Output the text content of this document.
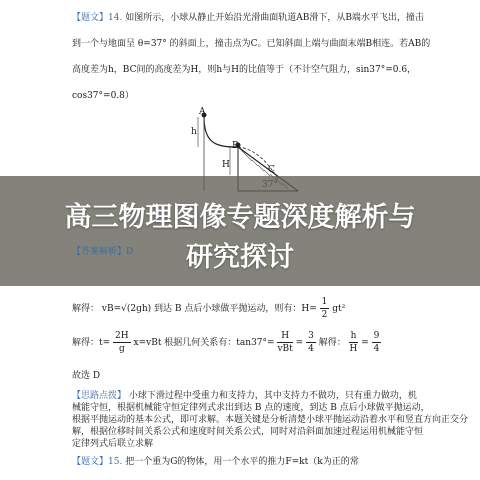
【题文】14. 如图所示，小球从静止开始沿光滑曲面轨道AB滑下，从B端水平飞出，撞击
到一个与地面呈 θ=37° 的斜面上，撞击点为C。已知斜面上端与曲面末端B相连。若AB的
高度差为h，BC间的高度差为H，则h与H的比值等于（不计空气阻力，sin37°=0.6，
cos37°=0.8）
A
h
B
H	C
高三物理图像专题深度解析与
研究探讨
【答案解析】D
解得： vB=√(2gh) 到达 B 点后小球做平抛运动，则有：$H= \frac{1}{2} gt^2$
解得：$t= \frac{2H}{g} x=vBt$ 根据几何关系有：$\tan 37^\circ= \frac{H}{\text{vBt}} = \frac{3}{4}$ 解得： $\frac{h}{H} = \frac{9}{4}$
故选 D
【思路点拨】 小球下滑过程中受重力和支持力，其中支持力不做功，只有重力做功，机
械能守恒，根据机械能守恒定律列式求出到达 B 点的速度，到达 B 点后小球做平抛运动，
根据平抛运动的基本公式，即可求解。本题关键是分析清楚小球平抛运动沿着水平和竖直方向正交分
解，根据位移时间关系公式和速度时间关系公式，同时对沿斜面加速过程运用机械能守恒
定律列式后联立求解
【题文】15. 把一个重为G的物体，用一个水平的推力F=kt（k为正的常
